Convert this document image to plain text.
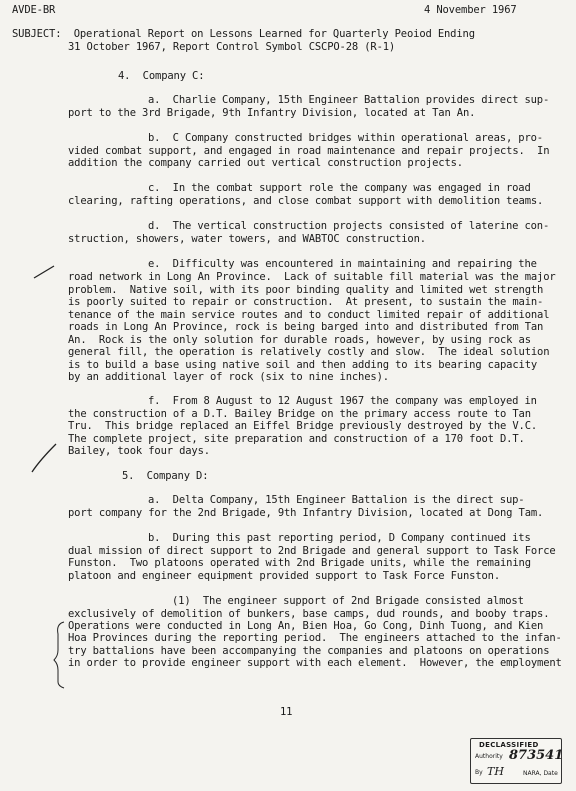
AVDE-BR	4 November 1967
SUBJECT:  Operational Report on Lessons Learned for Quarterly Peoiod Ending
31 October 1967, Report Control Symbol CSCPO-28 (R-1)
4.  Company C:
a.  Charlie Company, 15th Engineer Battalion provides direct sup-
port to the 3rd Brigade, 9th Infantry Division, located at Tan An.
b.  C Company constructed bridges within operational areas, pro-
vided combat support, and engaged in road maintenance and repair projects.  In
addition the company carried out vertical construction projects.
c.  In the combat support role the company was engaged in road
clearing, rafting operations, and close combat support with demolition teams.
d.  The vertical construction projects consisted of laterine con-
struction, showers, water towers, and WABTOC construction.
e.  Difficulty was encountered in maintaining and repairing the
road network in Long An Province.  Lack of suitable fill material was the major
problem.  Native soil, with its poor binding quality and limited wet strength
is poorly suited to repair or construction.  At present, to sustain the main-
tenance of the main service routes and to conduct limited repair of additional
roads in Long An Province, rock is being barged into and distributed from Tan
An.  Rock is the only solution for durable roads, however, by using rock as
general fill, the operation is relatively costly and slow.  The ideal solution
is to build a base using native soil and then adding to its bearing capacity
by an additional layer of rock (six to nine inches).
f.  From 8 August to 12 August 1967 the company was employed in
the construction of a D.T. Bailey Bridge on the primary access route to Tan
Tru.  This bridge replaced an Eiffel Bridge previously destroyed by the V.C.
The complete project, site preparation and construction of a 170 foot D.T.
Bailey, took four days.
5.  Company D:
a.  Delta Company, 15th Engineer Battalion is the direct sup-
port company for the 2nd Brigade, 9th Infantry Division, located at Dong Tam.
b.  During this past reporting period, D Company continued its
dual mission of direct support to 2nd Brigade and general support to Task Force
Funston.  Two platoons operated with 2nd Brigade units, while the remaining
platoon and engineer equipment provided support to Task Force Funston.
(1)  The engineer support of 2nd Brigade consisted almost
exclusively of demolition of bunkers, base camps, dud rounds, and booby traps.
Operations were conducted in Long An, Bien Hoa, Go Cong, Dinh Tuong, and Kien
Hoa Provinces during the reporting period.  The engineers attached to the infan-
try battalions have been accompanying the companies and platoons on operations
in order to provide engineer support with each element.  However, the employment
11
DECLASSIFIED
Authority 873541
By TH	NARA, Date
